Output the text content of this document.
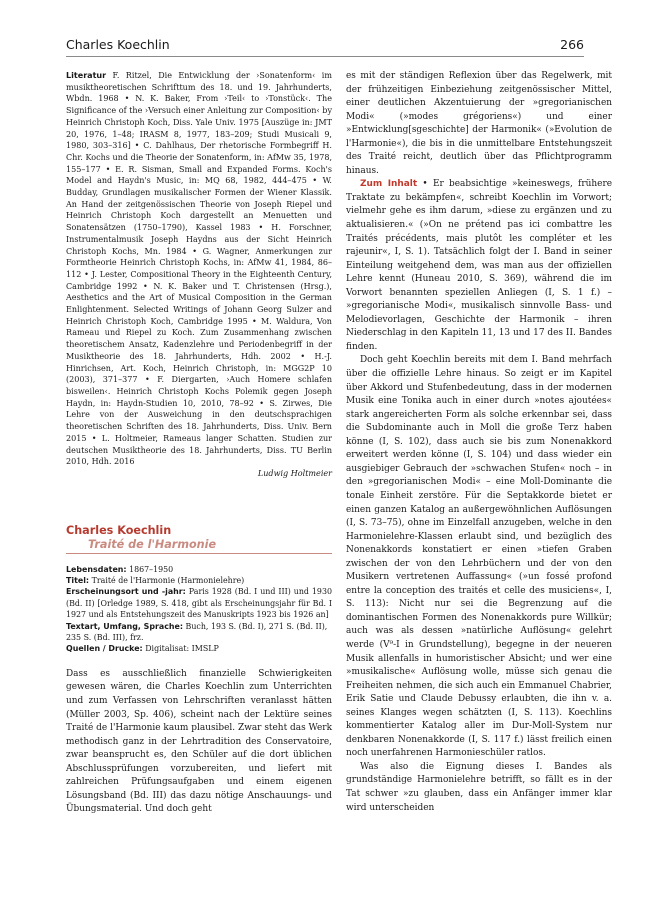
Charles Koechlin	266
Literatur F. Ritzel, Die Entwicklung der ›Sonatenform‹ im musiktheoretischen Schrifttum des 18. und 19. Jahrhunderts, Wbdn. 1968 • N. K. Baker, From ›Teil‹ to ›Tonstück‹. The Significance of the ›Versuch einer Anleitung zur Composition‹ by Heinrich Christoph Koch, Diss. Yale Univ. 1975 [Auszüge in: JMT 20, 1976, 1–48; IRASM 8, 1977, 183–209; Studi Musicali 9, 1980, 303–316] • C. Dahlhaus, Der rhetorische Formbegriff H. Chr. Kochs und die Theorie der Sonatenform, in: AfMw 35, 1978, 155–177 • E. R. Sisman, Small and Expanded Forms. Koch's Model and Haydn's Music, in: MQ 68, 1982, 444–475 • W. Budday, Grundlagen musikalischer Formen der Wiener Klassik. An Hand der zeitgenössischen Theorie von Joseph Riepel und Heinrich Christoph Koch dargestellt an Menuetten und Sonatensätzen (1750–1790), Kassel 1983 • H. Forschner, Instrumentalmusik Joseph Haydns aus der Sicht Heinrich Christoph Kochs, Mn. 1984 • G. Wagner, Anmerkungen zur Formtheorie Heinrich Christoph Kochs, in: AfMw 41, 1984, 86–112 • J. Lester, Compositional Theory in the Eighteenth Century, Cambridge 1992 • N. K. Baker und T. Christensen (Hrsg.), Aesthetics and the Art of Musical Composition in the German Enlightenment. Selected Writings of Johann Georg Sulzer and Heinrich Christoph Koch, Cambridge 1995 • M. Waldura, Von Rameau und Riepel zu Koch. Zum Zusammenhang zwischen theoretischem Ansatz, Kadenzlehre und Periodenbegriff in der Musiktheorie des 18. Jahrhunderts, Hdh. 2002 • H.-J. Hinrichsen, Art. Koch, Heinrich Christoph, in: MGG2P 10 (2003), 371–377 • F. Diergarten, ›Auch Homere schlafen bisweilen‹. Heinrich Christoph Kochs Polemik gegen Joseph Haydn, in: Haydn-Studien 10, 2010, 78–92 • S. Zirwes, Die Lehre von der Ausweichung in den deutschsprachigen theoretischen Schriften des 18. Jahrhunderts, Diss. Univ. Bern 2015 • L. Holtmeier, Rameaus langer Schatten. Studien zur deutschen Musiktheorie des 18. Jahrhunderts, Diss. TU Berlin 2010, Hdh. 2016
Ludwig Holtmeier
Charles Koechlin
Traité de l'Harmonie
Lebensdaten: 1867–1950
Titel: Traité de l'Harmonie (Harmonielehre)
Erscheinungsort und -jahr: Paris 1928 (Bd. I und III) und 1930 (Bd. II) [Orledge 1989, S. 418, gibt als Erscheinungsjahr für Bd. I 1927 und als Entstehungszeit des Manuskripts 1923 bis 1926 an]
Textart, Umfang, Sprache: Buch, 193 S. (Bd. I), 271 S. (Bd. II), 235 S. (Bd. III), frz.
Quellen / Drucke: Digitalisat: IMSLP

Dass es ausschließlich finanzielle Schwierigkeiten gewesen wären, die Charles Koechlin zum Unterrichten und zum Verfassen von Lehrschriften veranlasst hätten (Müller 2003, Sp. 406), scheint nach der Lektüre seines Traité de l'Harmonie kaum plausibel. Zwar steht das Werk methodisch ganz in der Lehrtradition des Conservatoire, zwar beansprucht es, den Schüler auf die dort üblichen Abschlussprüfungen vorzubereiten, und liefert mit zahlreichen Prüfungsaufgaben und einem eigenen Lösungsband (Bd. III) das dazu nötige Anschauungs- und Übungsmaterial. Und doch geht

es mit der ständigen Reflexion über das Regelwerk, mit der frühzeitigen Einbeziehung zeitgenössischer Mittel, einer deutlichen Akzentuierung der »gregorianischen Modi« (»modes grégoriens«) und einer »Entwicklung[sgeschichte] der Harmonik« (»Evolution de l'Harmonie«), die bis in die unmittelbare Entstehungszeit des Traité reicht, deutlich über das Pflichtprogramm hinaus.

Zum Inhalt • Er beabsichtige »keineswegs, frühere Traktate zu bekämpfen«, schreibt Koechlin im Vorwort; vielmehr gehe es ihm darum, »diese zu ergänzen und zu aktualisieren.« (»On ne prétend pas ici combattre les Traités précédents, mais plutôt les compléter et les rajeunir«, I, S. 1). Tatsächlich folgt der I. Band in seiner Einteilung weitgehend dem, was man aus der offiziellen Lehre kennt (Huneau 2010, S. 369), während die im Vorwort benannten speziellen Anliegen (I, S. 1 f.) – »gregorianische Modi«, musikalisch sinnvolle Bass- und Melodievorlagen, Geschichte der Harmonik – ihren Niederschlag in den Kapiteln 11, 13 und 17 des II. Bandes finden.

Doch geht Koechlin bereits mit dem I. Band mehrfach über die offizielle Lehre hinaus. So zeigt er im Kapitel über Akkord und Stufenbedeutung, dass in der modernen Musik eine Tonika auch in einer durch »notes ajoutées« stark angereicherten Form als solche erkennbar sei, dass die Subdominante auch in Moll die große Terz haben könne (I, S. 102), dass auch sie bis zum Nonenakkord erweitert werden könne (I, S. 104) und dass wieder ein ausgiebiger Gebrauch der »schwachen Stufen« noch – in den »gregorianischen Modi« – eine Moll-Dominante die tonale Einheit zerstöre. Für die Septakkorde bietet er einen ganzen Katalog an außergewöhnlichen Auflösungen (I, S. 73–75), ohne im Einzelfall anzugeben, welche in den Harmonielehre-Klassen erlaubt sind, und bezüglich des Nonenakkords konstatiert er einen »tiefen Graben zwischen der von den Lehrbüchern und der von den Musikern vertretenen Auffassung« (»un fossé profond entre la conception des traités et celle des musiciens«, I, S. 113): Nicht nur sei die Begrenzung auf die dominantischen Formen des Nonenakkords pure Willkür; auch was als dessen »natürliche Auflösung« gelehrt werde (V⁹-I in Grundstellung), begegne in der neueren Musik allenfalls in humoristischer Absicht; und wer eine »musikalische« Auflösung wolle, müsse sich genau die Freiheiten nehmen, die sich auch ein Emmanuel Chabrier, Erik Satie und Claude Debussy erlaubten, die ihn v. a. seines Klanges wegen schätzten (I, S. 113). Koechlins kommentierter Katalog aller im Dur-Moll-System nur denkbaren Nonenakkorde (I, S. 117 f.) lässt freilich einen noch unerfahrenen Harmonieschüler ratlos.

Was also die Eignung dieses I. Bandes als grundständige Harmonielehre betrifft, so fällt es in der Tat schwer »zu glauben, dass ein Anfänger immer klar wird unterscheiden
